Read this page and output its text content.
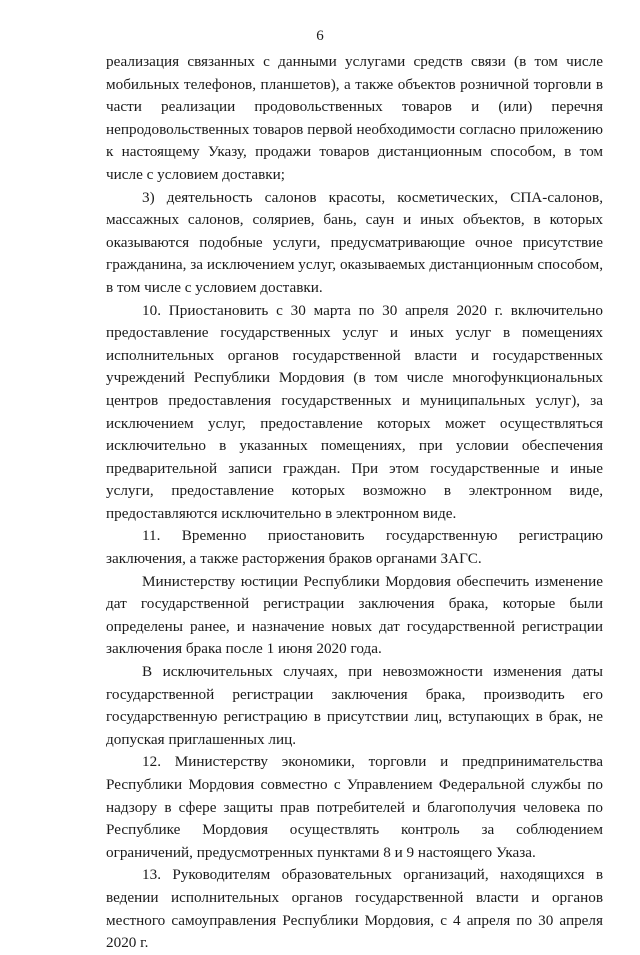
6

реализация связанных с данными услугами средств связи (в том числе мобильных телефонов, планшетов), а также объектов розничной торговли в части реализации продовольственных товаров и (или) перечня непродовольственных товаров первой необходимости согласно приложению к настоящему Указу, продажи товаров дистанционным способом, в том числе с условием доставки;

3) деятельность салонов красоты, косметических, СПА-салонов, массажных салонов, соляриев, бань, саун и иных объектов, в которых оказываются подобные услуги, предусматривающие очное присутствие гражданина, за исключением услуг, оказываемых дистанционным способом, в том числе с условием доставки.

10. Приостановить с 30 марта по 30 апреля 2020 г. включительно предоставление государственных услуг и иных услуг в помещениях исполнительных органов государственной власти и государственных учреждений Республики Мордовия (в том числе многофункциональных центров предоставления государственных и муниципальных услуг), за исключением услуг, предоставление которых может осуществляться исключительно в указанных помещениях, при условии обеспечения предварительной записи граждан. При этом государственные и иные услуги, предоставление которых возможно в электронном виде, предоставляются исключительно в электронном виде.

11. Временно приостановить государственную регистрацию заключения, а также расторжения браков органами ЗАГС.

Министерству юстиции Республики Мордовия обеспечить изменение дат государственной регистрации заключения брака, которые были определены ранее, и назначение новых дат государственной регистрации заключения брака после 1 июня 2020 года.

В исключительных случаях, при невозможности изменения даты государственной регистрации заключения брака, производить его государственную регистрацию в присутствии лиц, вступающих в брак, не допуская приглашенных лиц.

12. Министерству экономики, торговли и предпринимательства Республики Мордовия совместно с Управлением Федеральной службы по надзору в сфере защиты прав потребителей и благополучия человека по Республике Мордовия осуществлять контроль за соблюдением ограничений, предусмотренных пунктами 8 и 9 настоящего Указа.

13. Руководителям образовательных организаций, находящихся в ведении исполнительных органов государственной власти и органов местного самоуправления Республики Мордовия, с 4 апреля по 30 апреля 2020 г.
